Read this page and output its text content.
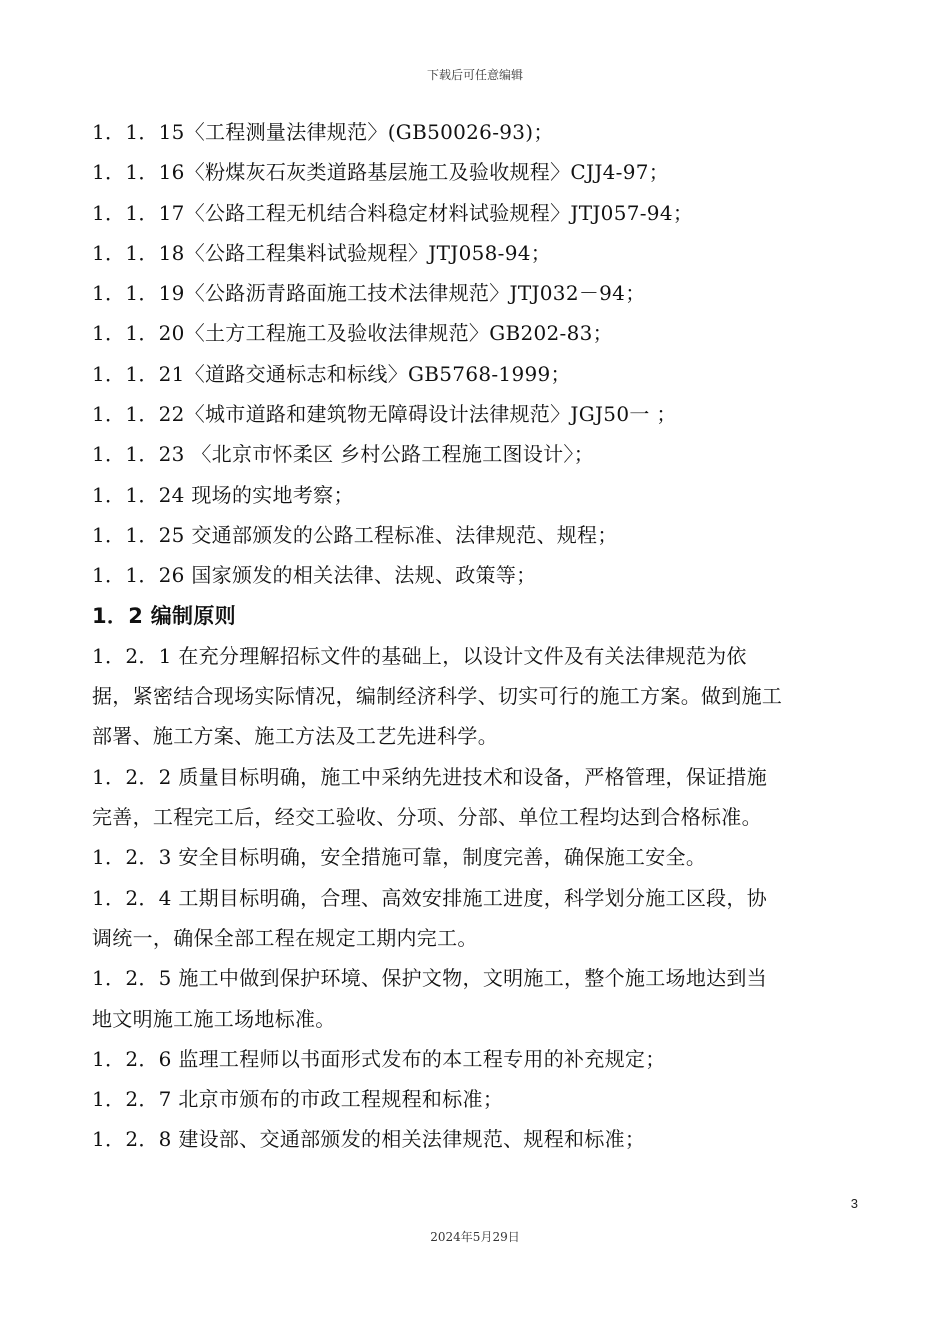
下载后可任意编辑
1．1．15〈工程测量法律规范〉(GB50026-93)；
1．1．16〈粉煤灰石灰类道路基层施工及验收规程〉CJJ4-97；
1．1．17〈公路工程无机结合料稳定材料试验规程〉JTJ057-94；
1．1．18〈公路工程集料试验规程〉JTJ058-94；
1．1．19〈公路沥青路面施工技术法律规范〉JTJ032－94；
1．1．20〈土方工程施工及验收法律规范〉GB202-83；
1．1．21〈道路交通标志和标线〉GB5768-1999；
1．1．22〈城市道路和建筑物无障碍设计法律规范〉JGJ50一 ；
1．1．23 〈北京市怀柔区 乡村公路工程施工图设计〉；
1．1．24 现场的实地考察；
1．1．25 交通部颁发的公路工程标准、法律规范、规程；
1．1．26 国家颁发的相关法律、法规、政策等；
1．2 编制原则
1．2．1 在充分理解招标文件的基础上，以设计文件及有关法律规范为依
据，紧密结合现场实际情况，编制经济科学、切实可行的施工方案。做到施工
部署、施工方案、施工方法及工艺先进科学。
1．2．2 质量目标明确，施工中采纳先进技术和设备，严格管理，保证措施
完善，工程完工后，经交工验收、分项、分部、单位工程均达到合格标准。
1．2．3 安全目标明确，安全措施可靠，制度完善，确保施工安全。
1．2．4 工期目标明确，合理、高效安排施工进度，科学划分施工区段，协
调统一，确保全部工程在规定工期内完工。
1．2．5 施工中做到保护环境、保护文物，文明施工，整个施工场地达到当
地文明施工施工场地标准。
1．2．6 监理工程师以书面形式发布的本工程专用的补充规定；
1．2．7 北京市颁布的市政工程规程和标准；
1．2．8 建设部、交通部颁发的相关法律规范、规程和标准；
3
2024年5月29日
